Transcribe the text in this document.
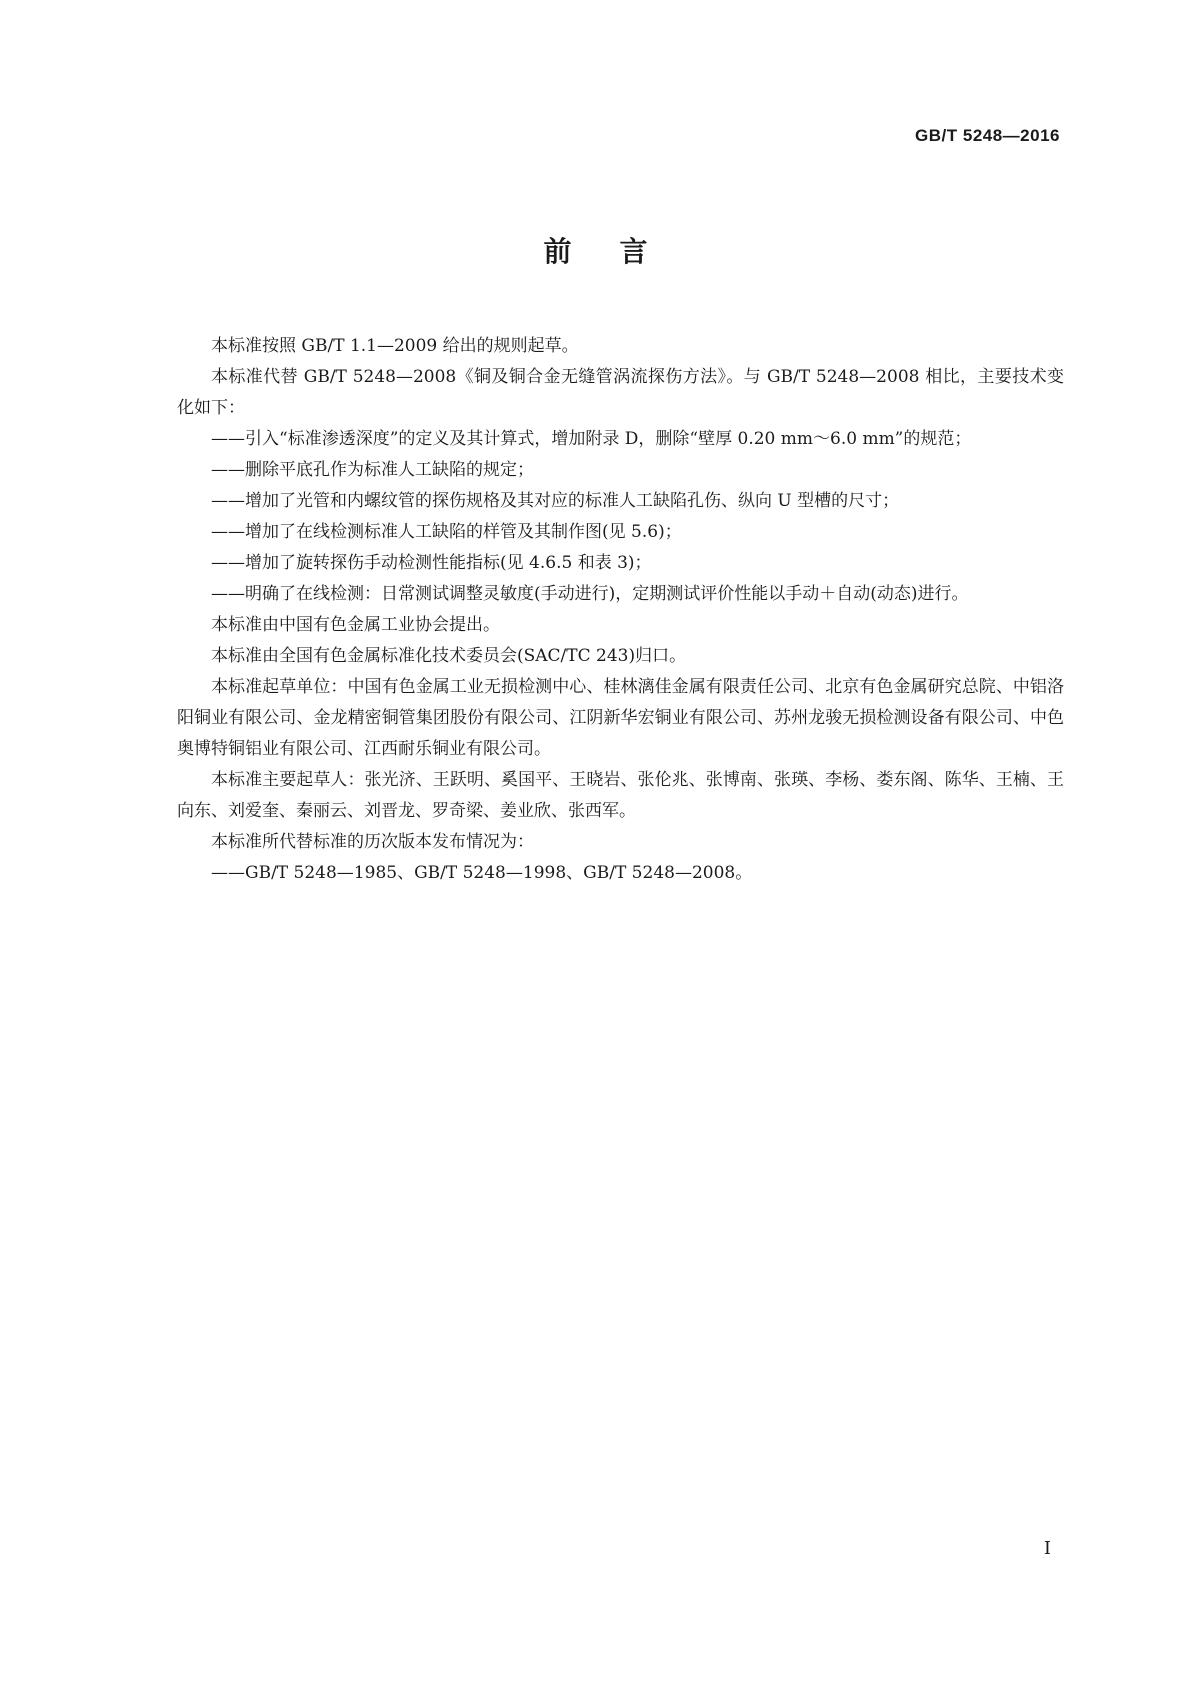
GB/T 5248—2016
前言

本标准按照 GB/T 1.1—2009 给出的规则起草。

本标准代替 GB/T 5248—2008《铜及铜合金无缝管涡流探伤方法》。与 GB/T 5248—2008 相比，主要技术变化如下：

——引入“标准渗透深度”的定义及其计算式，增加附录 D，删除“壁厚 0.20 mm～6.0 mm”的规范；

——删除平底孔作为标准人工缺陷的规定；

——增加了光管和内螺纹管的探伤规格及其对应的标准人工缺陷孔伤、纵向 U 型槽的尺寸；

——增加了在线检测标准人工缺陷的样管及其制作图(见 5.6)；

——增加了旋转探伤手动检测性能指标(见 4.6.5 和表 3)；

——明确了在线检测：日常测试调整灵敏度(手动进行)，定期测试评价性能以手动＋自动(动态)进行。

本标准由中国有色金属工业协会提出。

本标准由全国有色金属标准化技术委员会(SAC/TC 243)归口。

本标准起草单位：中国有色金属工业无损检测中心、桂林漓佳金属有限责任公司、北京有色金属研究总院、中铝洛阳铜业有限公司、金龙精密铜管集团股份有限公司、江阴新华宏铜业有限公司、苏州龙骏无损检测设备有限公司、中色奥博特铜铝业有限公司、江西耐乐铜业有限公司。

本标准主要起草人：张光济、王跃明、奚国平、王晓岩、张伦兆、张博南、张瑛、李杨、娄东阁、陈华、王楠、王向东、刘爱奎、秦丽云、刘晋龙、罗奇梁、姜业欣、张西军。

本标准所代替标准的历次版本发布情况为：

——GB/T 5248—1985、GB/T 5248—1998、GB/T 5248—2008。

I
